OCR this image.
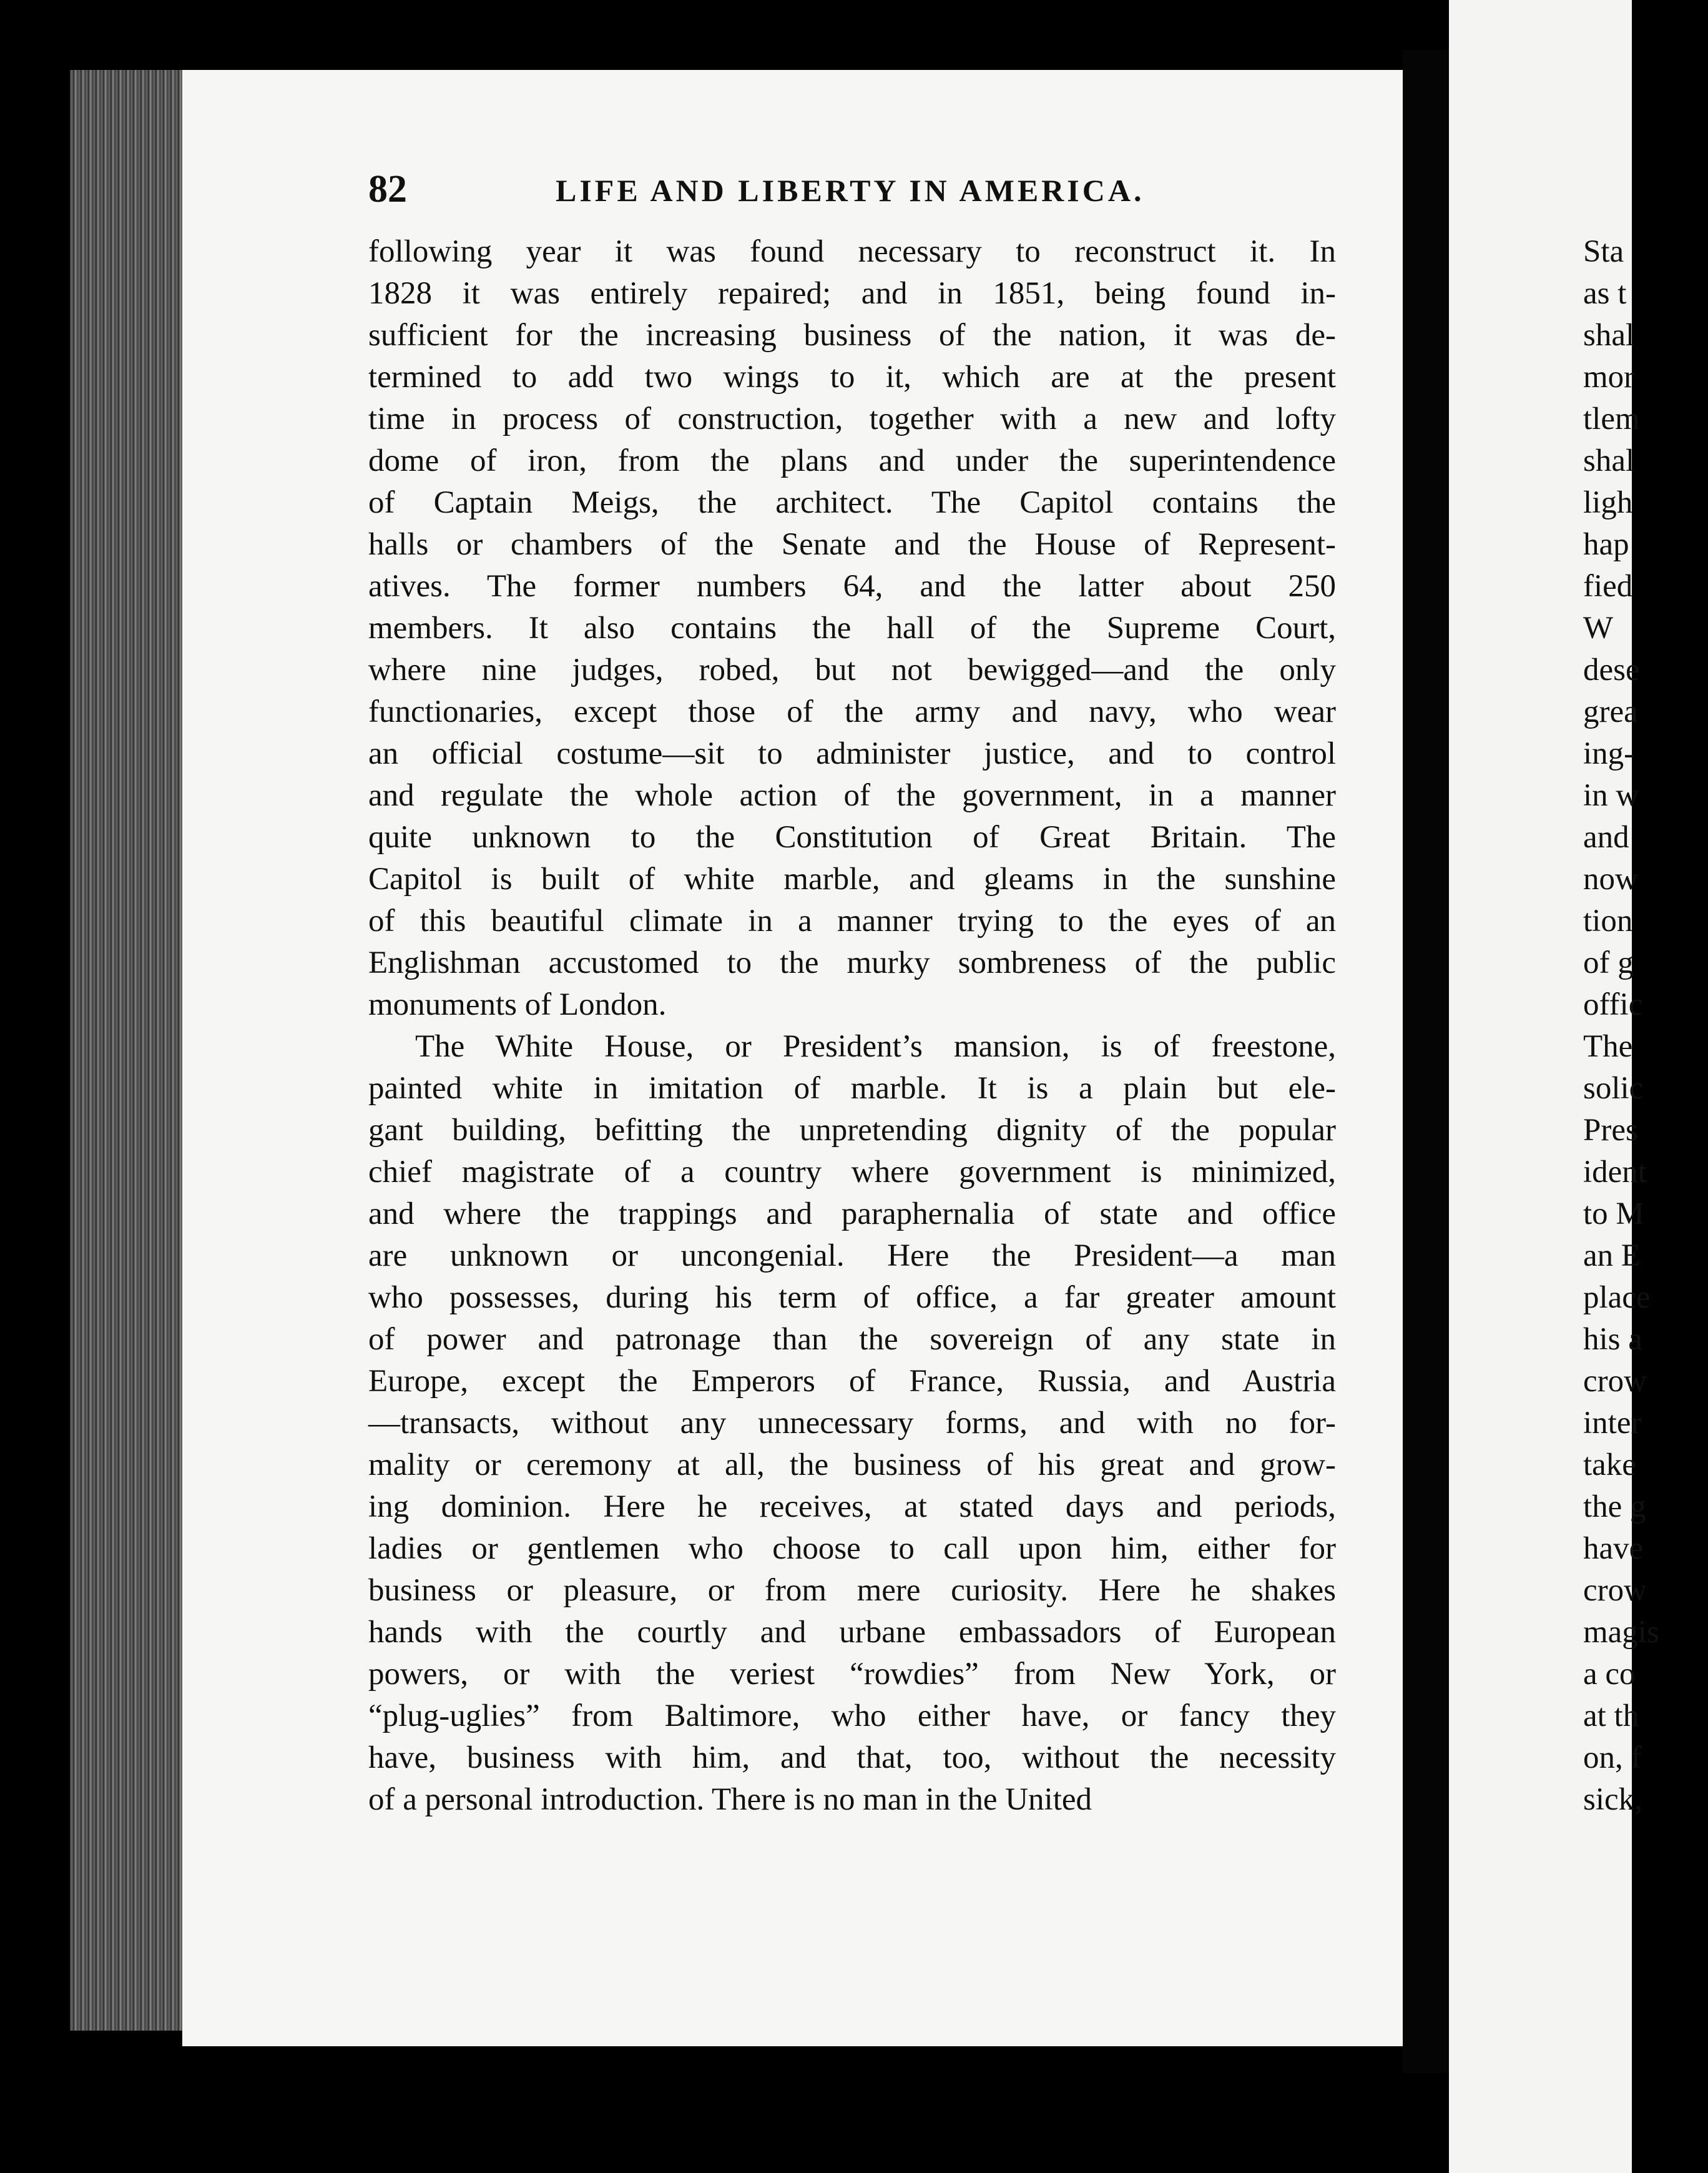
82	LIFE AND LIBERTY IN AMERICA.
following year it was found necessary to reconstruct it. In
1828 it was entirely repaired; and in 1851, being found in-
sufficient for the increasing business of the nation, it was de-
termined to add two wings to it, which are at the present
time in process of construction, together with a new and lofty
dome of iron, from the plans and under the superintendence
of Captain Meigs, the architect. The Capitol contains the
halls or chambers of the Senate and the House of Represent-
atives. The former numbers 64, and the latter about 250
members. It also contains the hall of the Supreme Court,
where nine judges, robed, but not bewigged—and the only
functionaries, except those of the army and navy, who wear
an official costume—sit to administer justice, and to control
and regulate the whole action of the government, in a manner
quite unknown to the Constitution of Great Britain. The
Capitol is built of white marble, and gleams in the sunshine
of this beautiful climate in a manner trying to the eyes of an
Englishman accustomed to the murky sombreness of the public
monuments of London.
The White House, or President’s mansion, is of freestone,
painted white in imitation of marble. It is a plain but ele-
gant building, befitting the unpretending dignity of the popular
chief magistrate of a country where government is minimized,
and where the trappings and paraphernalia of state and office
are unknown or uncongenial. Here the President—a man
who possesses, during his term of office, a far greater amount
of power and patronage than the sovereign of any state in
Europe, except the Emperors of France, Russia, and Austria
—transacts, without any unnecessary forms, and with no for-
mality or ceremony at all, the business of his great and grow-
ing dominion. Here he receives, at stated days and periods,
ladies or gentlemen who choose to call upon him, either for
business or pleasure, or from mere curiosity. Here he shakes
hands with the courtly and urbane embassadors of European
powers, or with the veriest “rowdies” from New York, or
“plug-uglies” from Baltimore, who either have, or fancy they
have, business with him, and that, too, without the necessity
of a personal introduction. There is no man in the United
Sta
as t
shal
mor
tlem
shal
ligh
hap
fied
W
dese
grea
ing-
in w
and
now
tion
of g
offic
The
solic
Pres
ident
to M
an E
place
his a
crow
inter
take
the g
have
crow
magis
a co
at th
on, f
sick,
